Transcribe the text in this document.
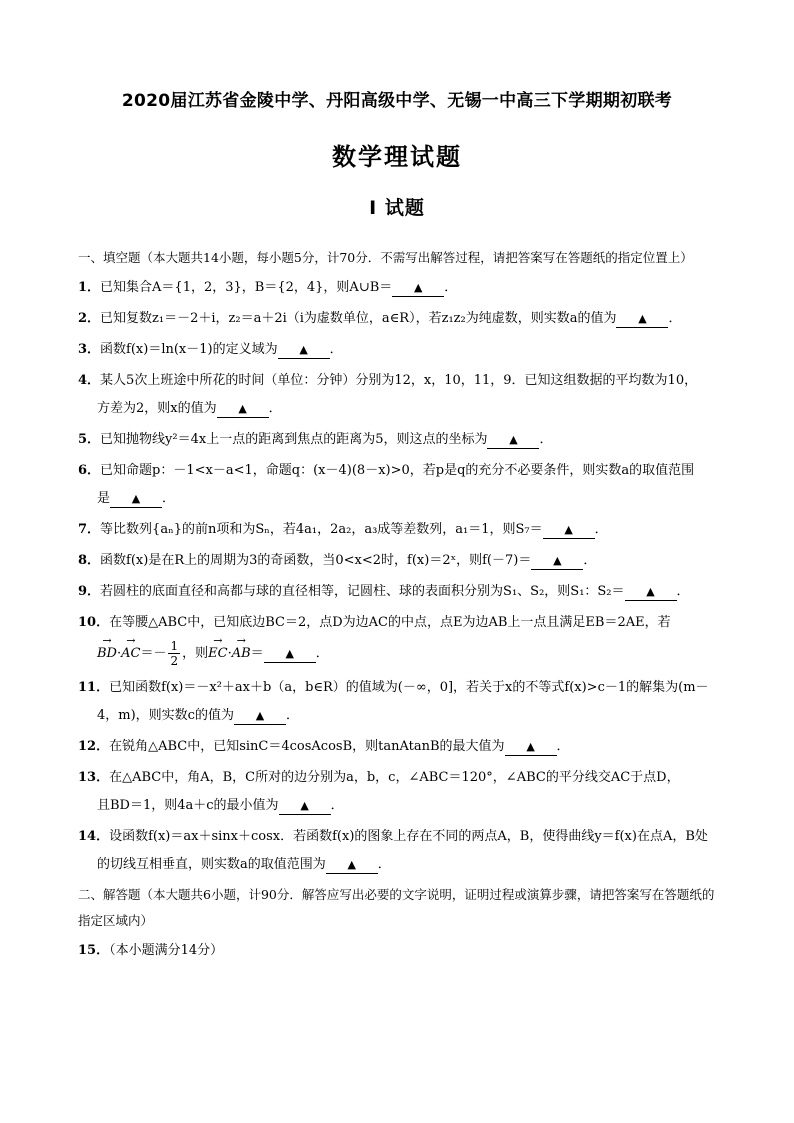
2020届江苏省金陵中学、丹阳高级中学、无锡一中高三下学期期初联考
数学理试题
Ⅰ 试题
一、填空题（本大题共14小题，每小题5分，计70分．不需写出解答过程，请把答案写在答题纸的指定位置上）
1．已知集合A＝{1，2，3}，B＝{2，4}，则A∪B＝ ▲ ．
2．已知复数z₁＝－2＋i，z₂＝a＋2i（i为虚数单位，a∈R），若z₁z₂为纯虚数，则实数a的值为 ▲ ．
3．函数f(x)＝ln(x－1)的定义域为 ▲ ．
4．某人5次上班途中所花的时间（单位：分钟）分别为12，x，10，11，9．已知这组数据的平均数为10，
方差为2，则x的值为 ▲ ．
5．已知抛物线y²＝4x上一点的距离到焦点的距离为5，则这点的坐标为 ▲ ．
6．已知命题p：－1<x－a<1，命题q：(x－4)(8－x)>0，若p是q的充分不必要条件，则实数a的取值范围
是 ▲ ．
7．等比数列{aₙ}的前n项和为Sₙ，若4a₁，2a₂，a₃成等差数列，a₁＝1，则S₇＝ ▲ ．
8．函数f(x)是在R上的周期为3的奇函数，当0<x<2时，f(x)＝2ˣ，则f(－7)＝ ▲ ．
9．若圆柱的底面直径和高都与球的直径相等，记圆柱、球的表面积分别为S₁、S₂，则S₁：S₂＝ ▲ ．
10．在等腰△ABC中，已知底边BC＝2，点D为边AC的中点，点E为边AB上一点且满足EB＝2AE，若
→ $BD\cdot\to AC=- \frac{1}{2}$ ，则→ EC·→ AB＝ ▲ ．
11．已知函数f(x)＝－x²＋ax＋b（a，b∈R）的值域为(－∞，0]，若关于x的不等式f(x)>c－1的解集为(m－
4，m)，则实数c的值为 ▲ ．
12．在锐角△ABC中，已知sinC＝4cosAcosB，则tanAtanB的最大值为 ▲ ．
13．在△ABC中，角A，B，C所对的边分别为a，b，c，∠ABC＝120°，∠ABC的平分线交AC于点D，
且BD＝1，则4a＋c的最小值为 ▲ ．
14．设函数f(x)＝ax＋sinx＋cosx．若函数f(x)的图象上存在不同的两点A，B，使得曲线y＝f(x)在点A，B处
的切线互相垂直，则实数a的取值范围为 ▲ ．
二、解答题（本大题共6小题，计90分．解答应写出必要的文字说明，证明过程或演算步骤，请把答案写在答题纸的指定区域内）
15．（本小题满分14分）
